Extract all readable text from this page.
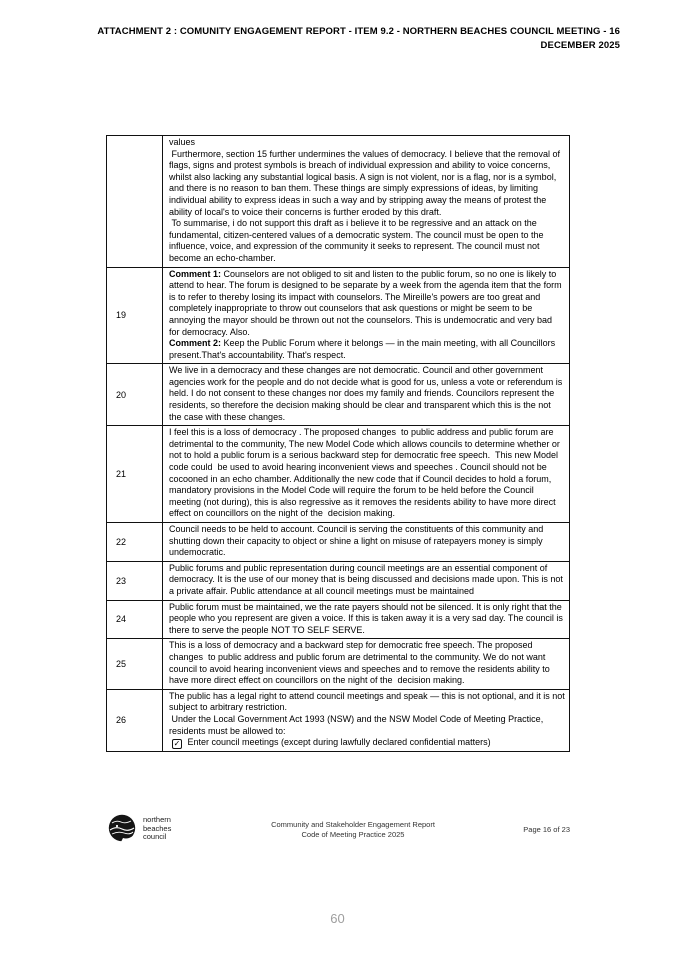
ATTACHMENT 2 : COMUNITY ENGAGEMENT REPORT - ITEM 9.2 - NORTHERN BEACHES COUNCIL MEETING - 16
DECEMBER 2025
values
Furthermore, section 15 further undermines the values of democracy. I believe that the removal of flags, signs and protest symbols is breach of individual expression and ability to voice concerns, whilst also lacking any substantial logical basis. A sign is not violent, nor is a flag, nor is a symbol, and there is no reason to ban them. These things are simply expressions of ideas, by limiting individual ability to express ideas in such a way and by stripping away the means of protest the ability of local's to voice their concerns is further eroded by this draft.
To summarise, i do not support this draft as i believe it to be regressive and an attack on the fundamental, citizen-centered values of a democratic system. The council must be open to the influence, voice, and expression of the community it seeks to represent. The council must not become an echo-chamber.
19
Comment 1: Counselors are not obliged to sit and listen to the public forum, so no one is likely to attend to hear. The forum is designed to be separate by a week from the agenda item that the form is to refer to thereby losing its impact with counselors. The Mireille's powers are too great and completely inappropriate to throw out counselors that ask questions or might be seem to be annoying the mayor should be thrown out not the counselors. This is undemocratic and very bad for democracy. Also.
Comment 2: Keep the Public Forum where it belongs — in the main meeting, with all Councillors present.That's accountability. That's respect.
20
We live in a democracy and these changes are not democratic. Council and other government agencies work for the people and do not decide what is good for us, unless a vote or referendum is held. I do not consent to these changes nor does my family and friends. Councilors represent the residents, so therefore the decision making should be clear and transparent which this is the not the case with these changes.
21
I feel this is a loss of democracy . The proposed changes  to public address and public forum are detrimental to the community, The new Model Code which allows councils to determine whether or not to hold a public forum is a serious backward step for democratic free speech.  This new Model code could  be used to avoid hearing inconvenient views and speeches . Council should not be cocooned in an echo chamber. Additionally the new code that if Council decides to hold a forum, mandatory provisions in the Model Code will require the forum to be held before the Council meeting (not during), this is also regressive as it removes the residents ability to have more direct effect on councillors on the night of the  decision making.
22
Council needs to be held to account. Council is serving the constituents of this community and shutting down their capacity to object or shine a light on misuse of ratepayers money is simply undemocratic.
23
Public forums and public representation during council meetings are an essential component of democracy. It is the use of our money that is being discussed and decisions made upon. This is not a private affair. Public attendance at all council meetings must be maintained
24
Public forum must be maintained, we the rate payers should not be silenced. It is only right that the people who you represent are given a voice. If this is taken away it is a very sad day. The council is there to serve the people NOT TO SELF SERVE.
25
This is a loss of democracy and a backward step for democratic free speech. The proposed changes  to public address and public forum are detrimental to the community. We do not want council to avoid hearing inconvenient views and speeches and to remove the residents ability to have more direct effect on councillors on the night of the  decision making.
26
The public has a legal right to attend council meetings and speak — this is not optional, and it is not subject to arbitrary restriction.
Under the Local Government Act 1993 (NSW) and the NSW Model Code of Meeting Practice, residents must be allowed to:
✓ Enter council meetings (except during lawfully declared confidential matters)
northern
beaches
council
Community and Stakeholder Engagement Report
Code of Meeting Practice 2025
Page 16 of 23
60
